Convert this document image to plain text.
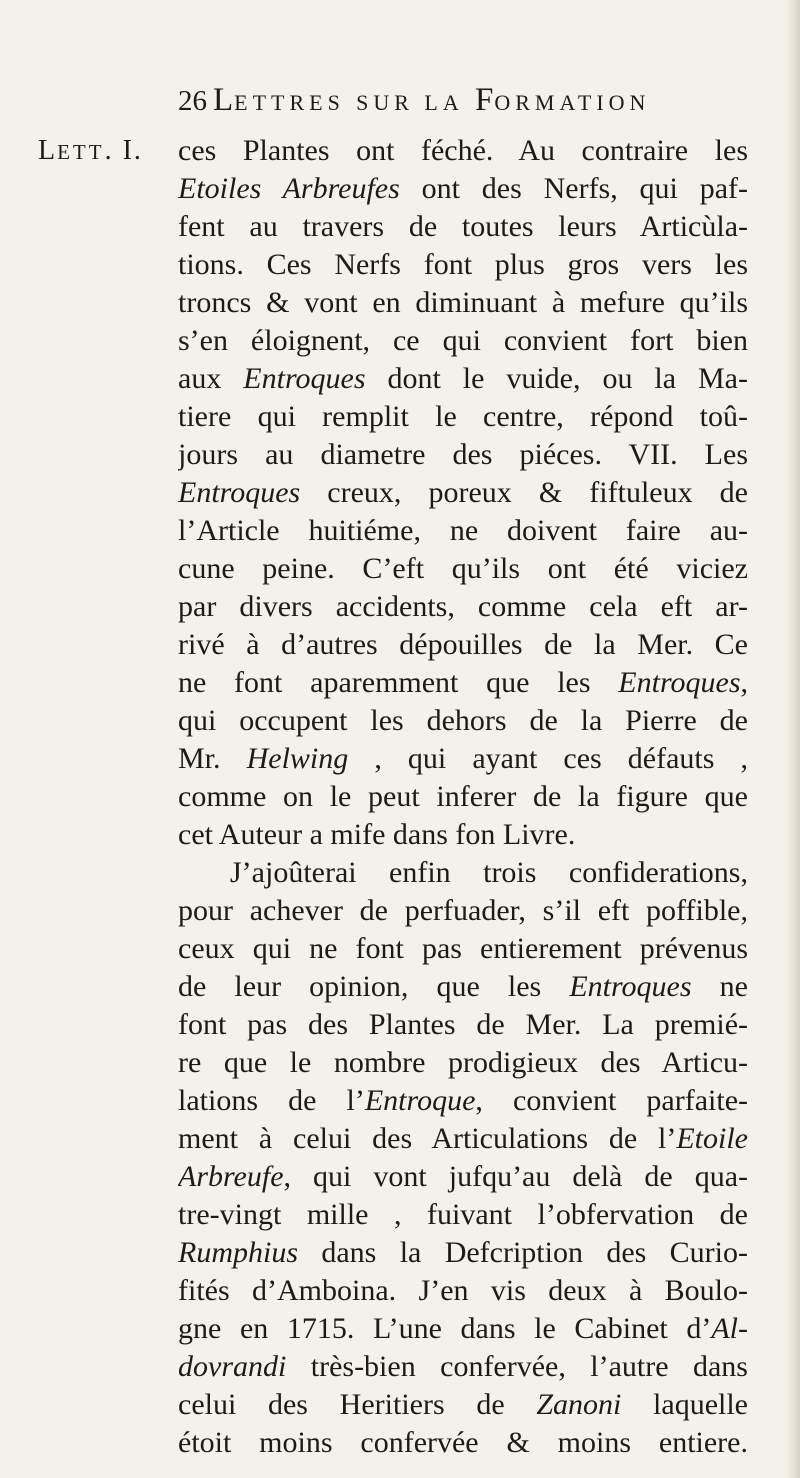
26 LETTRES SUR LA FORMATION
LETT. I. ces Plantes ont féché. Au contraire les
Etoiles Arbreufes ont des Nerfs, qui paf-
fent au travers de toutes leurs Articùla-
tions. Ces Nerfs font plus gros vers les
troncs & vont en diminuant à mefure qu’ils
s’en éloignent, ce qui convient fort bien
aux Entroques dont le vuide, ou la Ma-
tiere qui remplit le centre, répond toû-
jours au diametre des piéces. VII. Les
Entroques creux, poreux & fiftuleux de
l’Article huitiéme, ne doivent faire au-
cune peine. C’eft qu’ils ont été viciez
par divers accidents, comme cela eft ar-
rivé à d’autres dépouilles de la Mer. Ce
ne font aparemment que les Entroques,
qui occupent les dehors de la Pierre de
Mr. Helwing , qui ayant ces défauts ,
comme on le peut inferer de la figure que
cet Auteur a mife dans fon Livre.
J’ajoûterai enfin trois confiderations,
pour achever de perfuader, s’il eft poffible,
ceux qui ne font pas entierement prévenus
de leur opinion, que les Entroques ne
font pas des Plantes de Mer. La premié-
re que le nombre prodigieux des Articu-
lations de l’Entroque, convient parfaite-
ment à celui des Articulations de l’Etoile
Arbreufe, qui vont jufqu’au delà de qua-
tre-vingt mille , fuivant l’obfervation de
Rumphius dans la Defcription des Curio-
fités d’Amboina. J’en vis deux à Boulo-
gne en 1715. L’une dans le Cabinet d’Al-
dovrandi très-bien confervée, l’autre dans
celui des Heritiers de Zanoni laquelle
étoit moins confervée & moins entiere.
